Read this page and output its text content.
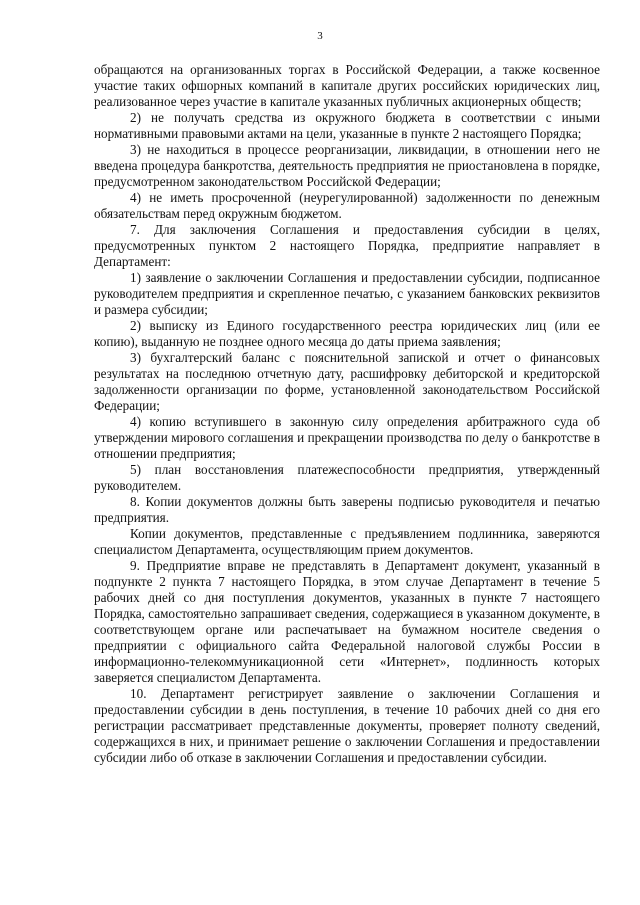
3

обращаются на организованных торгах в Российской Федерации, а также косвенное участие таких офшорных компаний в капитале других российских юридических лиц, реализованное через участие в капитале указанных публичных акционерных обществ;

2) не получать средства из окружного бюджета в соответствии с иными нормативными правовыми актами на цели, указанные в пункте 2 настоящего Порядка;

3) не находиться в процессе реорганизации, ликвидации, в отношении него не введена процедура банкротства, деятельность предприятия не приостановлена в порядке, предусмотренном законодательством Российской Федерации;

4) не иметь просроченной (неурегулированной) задолженности по денежным обязательствам перед окружным бюджетом.

7. Для заключения Соглашения и предоставления субсидии в целях, предусмотренных пунктом 2 настоящего Порядка, предприятие направляет в Департамент:

1) заявление о заключении Соглашения и предоставлении субсидии, подписанное руководителем предприятия и скрепленное печатью, с указанием банковских реквизитов и размера субсидии;

2) выписку из Единого государственного реестра юридических лиц (или ее копию), выданную не позднее одного месяца до даты приема заявления;

3) бухгалтерский баланс с пояснительной запиской и отчет о финансовых результатах на последнюю отчетную дату, расшифровку дебиторской и кредиторской задолженности организации по форме, установленной законодательством Российской Федерации;

4) копию вступившего в законную силу определения арбитражного суда об утверждении мирового соглашения и прекращении производства по делу о банкротстве в отношении предприятия;

5) план восстановления платежеспособности предприятия, утвержденный руководителем.

8. Копии документов должны быть заверены подписью руководителя и печатью предприятия.

Копии документов, представленные с предъявлением подлинника, заверяются специалистом Департамента, осуществляющим прием документов.

9. Предприятие вправе не представлять в Департамент документ, указанный в подпункте 2 пункта 7 настоящего Порядка, в этом случае Департамент в течение 5 рабочих дней со дня поступления документов, указанных в пункте 7 настоящего Порядка, самостоятельно запрашивает сведения, содержащиеся в указанном документе, в соответствующем органе или распечатывает на бумажном носителе сведения о предприятии с официального сайта Федеральной налоговой службы России в информационно-телекоммуникационной сети «Интернет», подлинность которых заверяется специалистом Департамента.

10. Департамент регистрирует заявление о заключении Соглашения и предоставлении субсидии в день поступления, в течение 10 рабочих дней со дня его регистрации рассматривает представленные документы, проверяет полноту сведений, содержащихся в них, и принимает решение о заключении Соглашения и предоставлении субсидии либо об отказе в заключении Соглашения и предоставлении субсидии.
